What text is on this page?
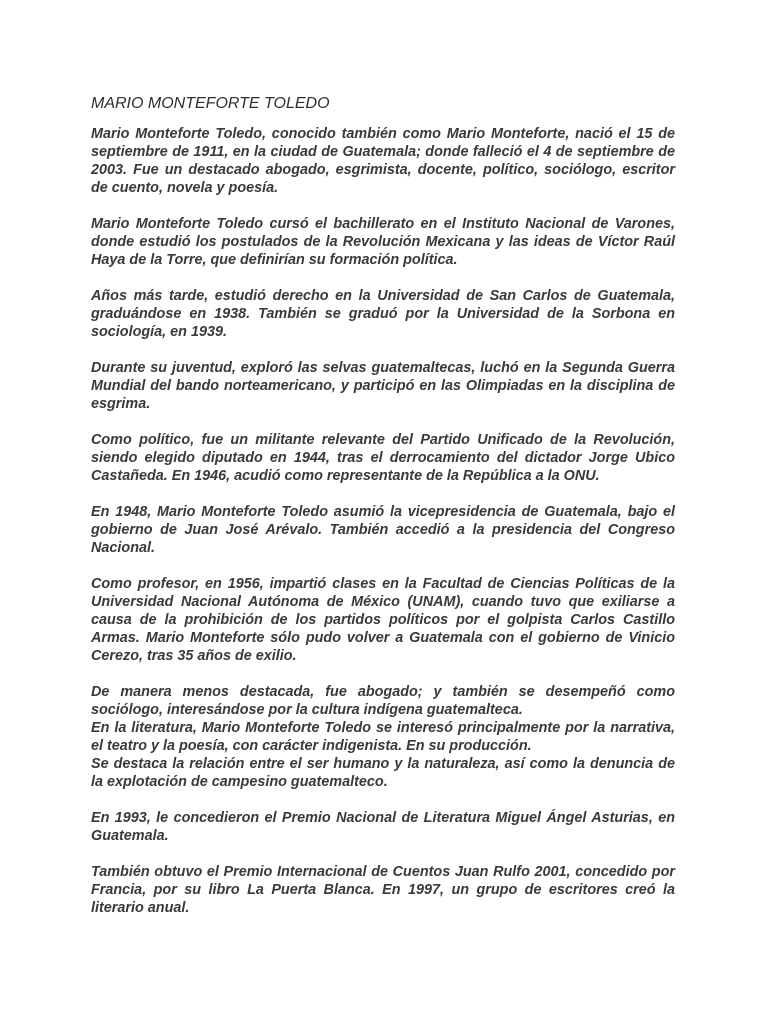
MARIO MONTEFORTE TOLEDO

Mario Monteforte Toledo, conocido también como Mario Monteforte, nació el 15 de septiembre de 1911, en la ciudad de Guatemala; donde falleció el 4 de septiembre de 2003. Fue un destacado abogado, esgrimista, docente, político, sociólogo, escritor de cuento, novela y poesía.

Mario Monteforte Toledo cursó el bachillerato en el Instituto Nacional de Varones, donde estudió los postulados de la Revolución Mexicana y las ideas de Víctor Raúl Haya de la Torre, que definirían su formación política.

Años más tarde, estudió derecho en la Universidad de San Carlos de Guatemala, graduándose en 1938. También se graduó por la Universidad de la Sorbona en sociología, en 1939.

Durante su juventud, exploró las selvas guatemaltecas, luchó en la Segunda Guerra Mundial del bando norteamericano, y participó en las Olimpiadas en la disciplina de esgrima.

Como político, fue un militante relevante del Partido Unificado de la Revolución, siendo elegido diputado en 1944, tras el derrocamiento del dictador Jorge Ubico Castañeda. En 1946, acudió como representante de la República a la ONU.

En 1948, Mario Monteforte Toledo asumió la vicepresidencia de Guatemala, bajo el gobierno de Juan José Arévalo. También accedió a la presidencia del Congreso Nacional.

Como profesor, en 1956, impartió clases en la Facultad de Ciencias Políticas de la Universidad Nacional Autónoma de México (UNAM), cuando tuvo que exiliarse a causa de la prohibición de los partidos políticos por el golpista Carlos Castillo Armas. Mario Monteforte sólo pudo volver a Guatemala con el gobierno de Vinicio Cerezo, tras 35 años de exilio.

De manera menos destacada, fue abogado; y también se desempeñó como sociólogo, interesándose por la cultura indígena guatemalteca.

En la literatura, Mario Monteforte Toledo se interesó principalmente por la narrativa, el teatro y la poesía, con carácter indigenista. En su producción.

Se destaca la relación entre el ser humano y la naturaleza, así como la denuncia de la explotación de campesino guatemalteco.

En 1993, le concedieron el Premio Nacional de Literatura Miguel Ángel Asturias, en Guatemala.

También obtuvo el Premio Internacional de Cuentos Juan Rulfo 2001, concedido por Francia, por su libro La Puerta Blanca. En 1997, un grupo de escritores creó la literario anual.
